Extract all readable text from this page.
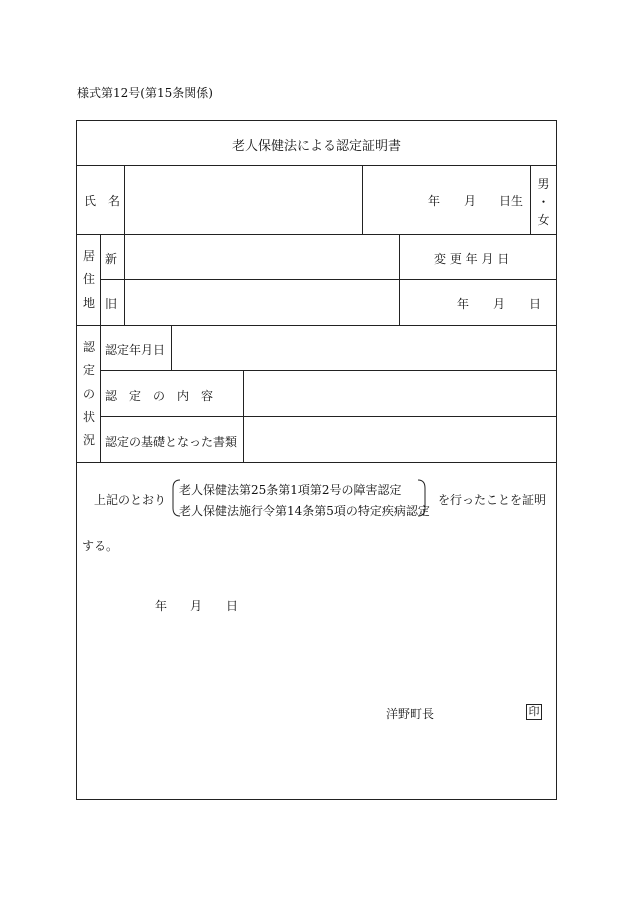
様式第12号(第15条関係)
老人保健法による認定証明書
氏 名	年 月 日生
男
・
女
居
住
地
新
旧
変 更 年 月 日
年 月 日
認
定
の
状
況
認定年月日
認　定　の　内　容
認定の基礎となった書類
上記のとおり
老人保健法第25条第1項第2号の障害認定
老人保健法施行令第14条第5項の特定疾病認定
を行ったことを証明
する。
年 月 日
洋野町長	印
